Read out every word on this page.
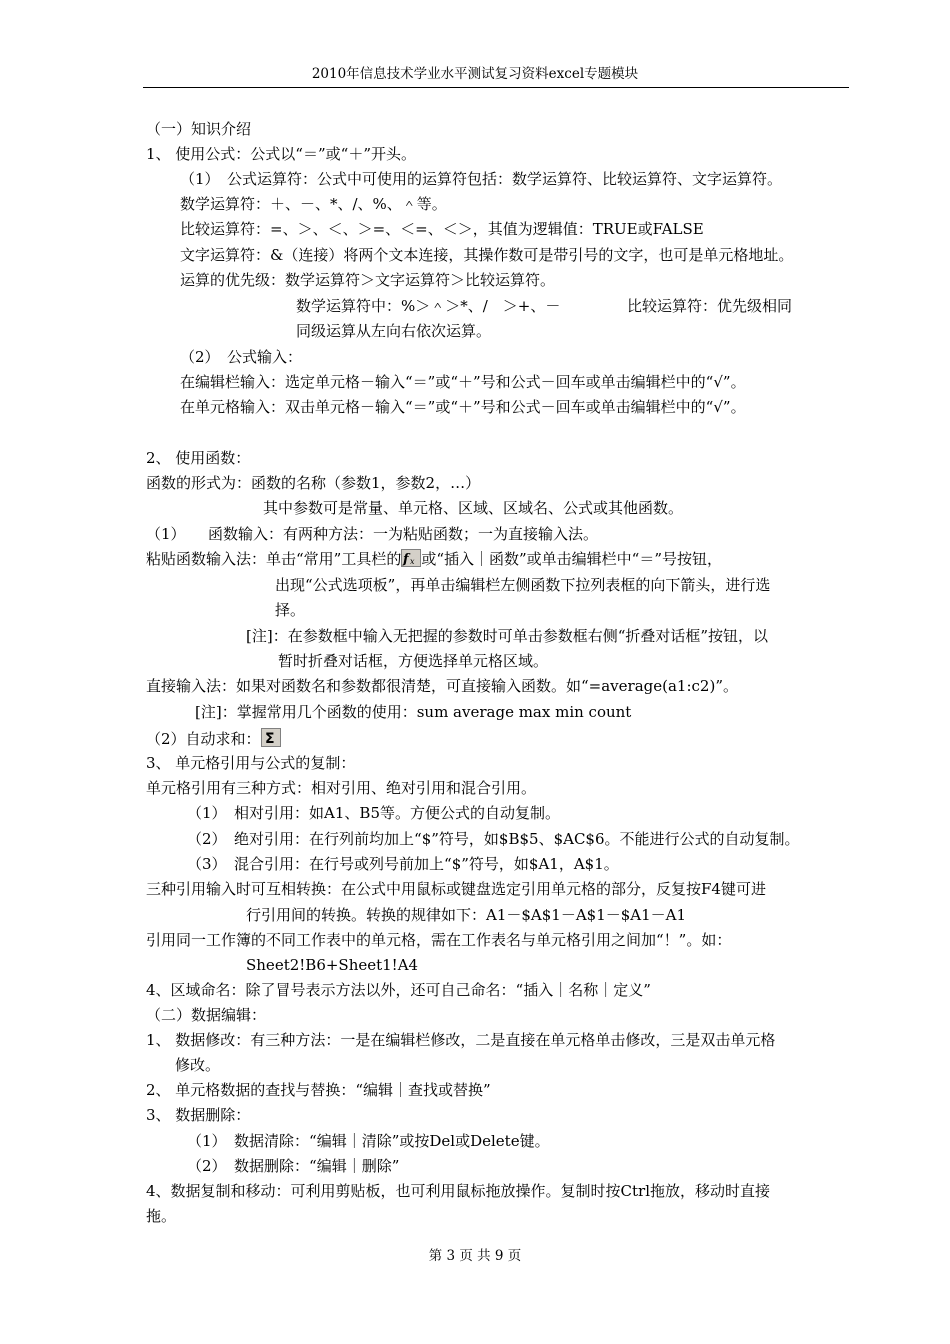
2010年信息技术学业水平测试复习资料excel专题模块
（一）知识介绍
1、 使用公式：公式以“＝”或“＋”开头。
（1）　公式运算符：公式中可使用的运算符包括：数学运算符、比较运算符、文字运算符。
数学运算符：＋、－、*、/、%、＾等。
比较运算符：=、＞、＜、＞=、＜=、＜＞，其值为逻辑值：TRUE或FALSE
文字运算符：&（连接）将两个文本连接，其操作数可是带引号的文字，也可是单元格地址。
运算的优先级：数学运算符＞文字运算符＞比较运算符。
数学运算符中：%＞＾＞*、/　＞+、－	比较运算符：优先级相同
同级运算从左向右依次运算。
（2）　公式输入：
在编辑栏输入：选定单元格－输入“＝”或“＋”号和公式－回车或单击编辑栏中的“√”。
在单元格输入：双击单元格－输入“＝”或“＋”号和公式－回车或单击编辑栏中的“√”。
2、 使用函数：
函数的形式为：函数的名称（参数1，参数2，…）
其中参数可是常量、单元格、区域、区域名、公式或其他函数。
（1）　　函数输入：有两种方法：一为粘贴函数；一为直接输入法。
粘贴函数输入法：单击“常用”工具栏的 f x 或“插入｜函数”或单击编辑栏中“＝”号按钮，
出现“公式选项板”，再单击编辑栏左侧函数下拉列表框的向下箭头，进行选
择。
[注]：在参数框中输入无把握的参数时可单击参数框右侧“折叠对话框”按钮，以
暂时折叠对话框，方便选择单元格区域。
直接输入法：如果对函数名和参数都很清楚，可直接输入函数。如“=average(a1:c2)”。
[注]：掌握常用几个函数的使用：sum average max min count
（2）自动求和： Σ
3、 单元格引用与公式的复制：
单元格引用有三种方式：相对引用、绝对引用和混合引用。
（1）　相对引用：如A1、B5等。方便公式的自动复制。
（2）　绝对引用：在行列前均加上“$”符号，如$B$5、$AC$6。不能进行公式的自动复制。
（3）　混合引用：在行号或列号前加上“$”符号，如$A1，A$1。
三种引用输入时可互相转换：在公式中用鼠标或键盘选定引用单元格的部分，反复按F4键可进
行引用间的转换。转换的规律如下：A1－$A$1－A$1－$A1－A1
引用同一工作簿的不同工作表中的单元格，需在工作表名与单元格引用之间加“！”。如：
Sheet2!B6+Sheet1!A4
4、区域命名：除了冒号表示方法以外，还可自己命名：“插入｜名称｜定义”
（二）数据编辑：
1、 数据修改：有三种方法：一是在编辑栏修改，二是直接在单元格单击修改，三是双击单元格
修改。
2、 单元格数据的查找与替换：“编辑｜查找或替换”
3、 数据删除：
（1）　数据清除：“编辑｜清除”或按Del或Delete键。
（2）　数据删除：“编辑｜删除”
4、数据复制和移动：可利用剪贴板，也可利用鼠标拖放操作。复制时按Ctrl拖放，移动时直接
拖。
第 3 页 共 9 页
